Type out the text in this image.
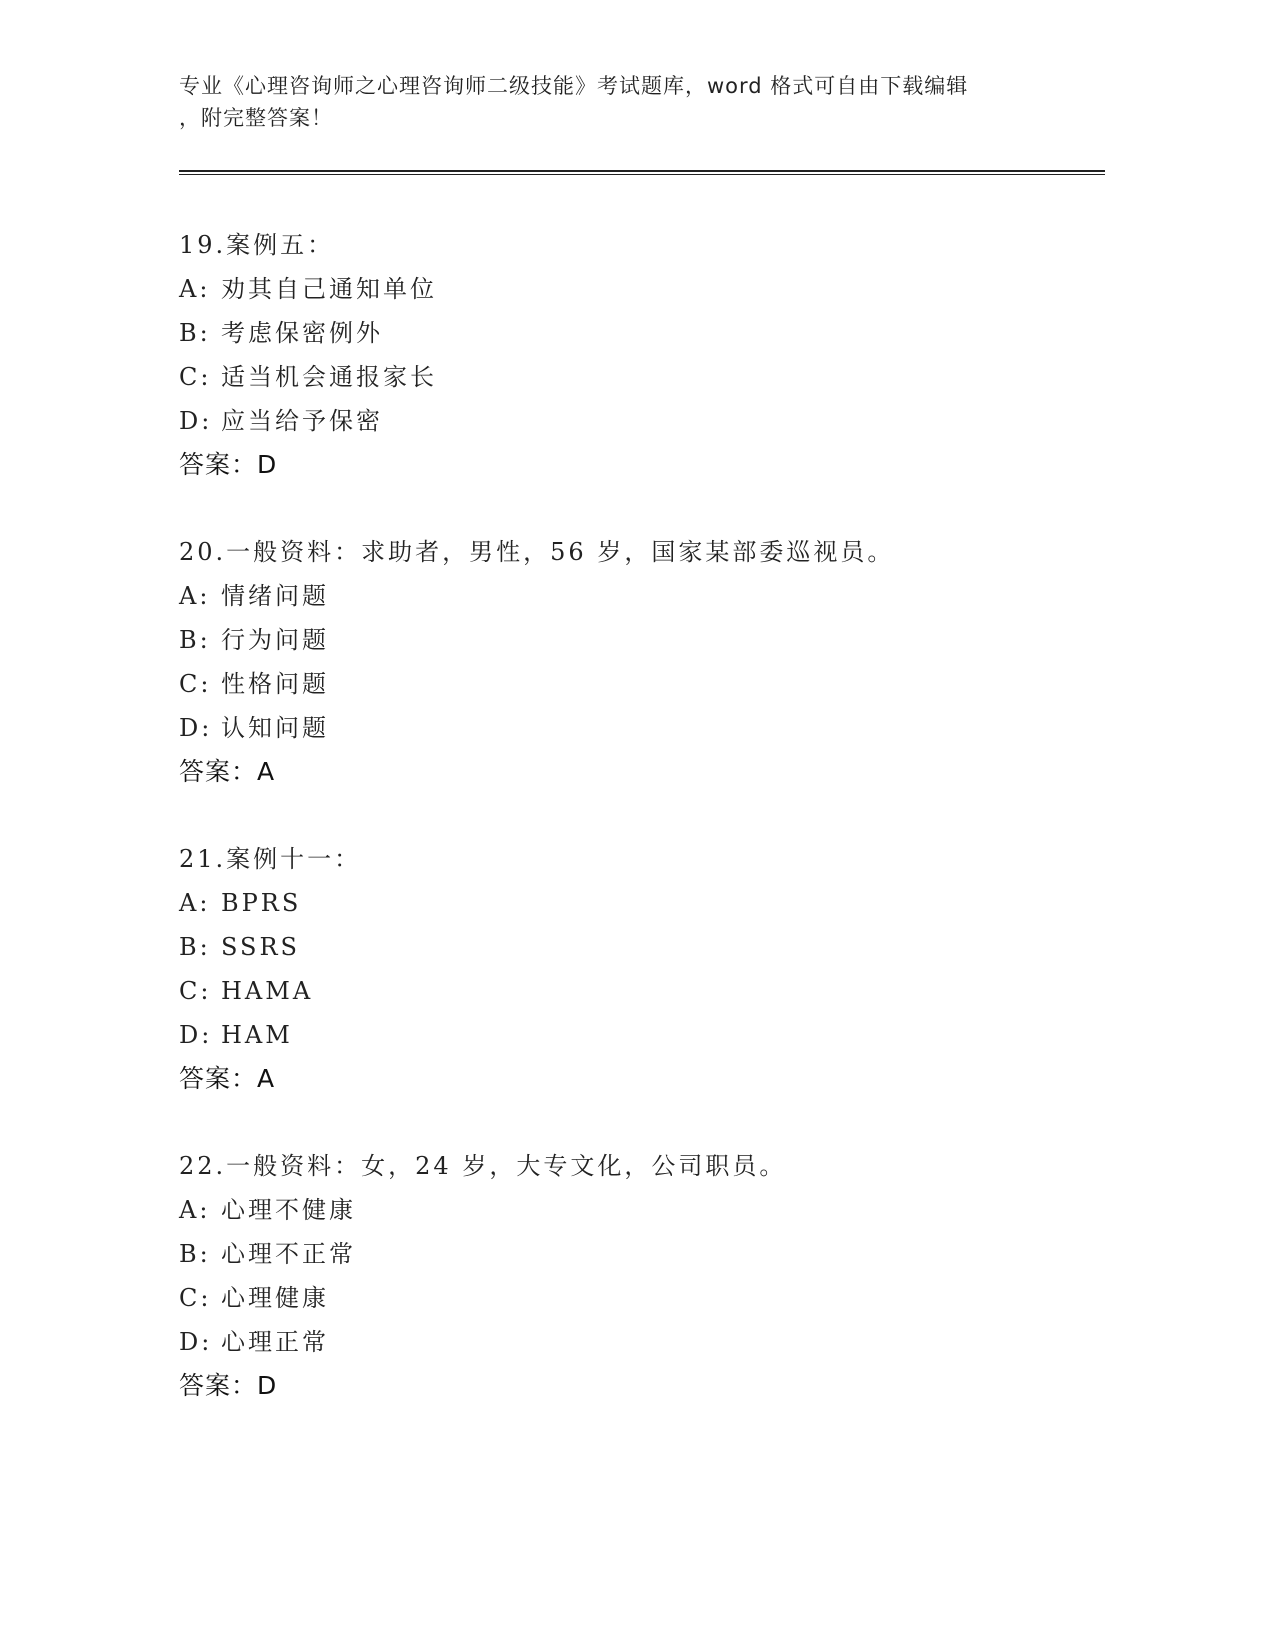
专业《心理咨询师之心理咨询师二级技能》考试题库，word 格式可自由下载编辑
，附完整答案！
19.案例五：
A: 劝其自己通知单位
B: 考虑保密例外
C: 适当机会通报家长
D: 应当给予保密
答案：D
20.一般资料：求助者，男性，56 岁，国家某部委巡视员。
A: 情绪问题
B: 行为问题
C: 性格问题
D: 认知问题
答案：A
21.案例十一：
A: BPRS
B: SSRS
C: HAMA
D: HAM
答案：A
22.一般资料：女，24 岁，大专文化，公司职员。
A: 心理不健康
B: 心理不正常
C: 心理健康
D: 心理正常
答案：D
